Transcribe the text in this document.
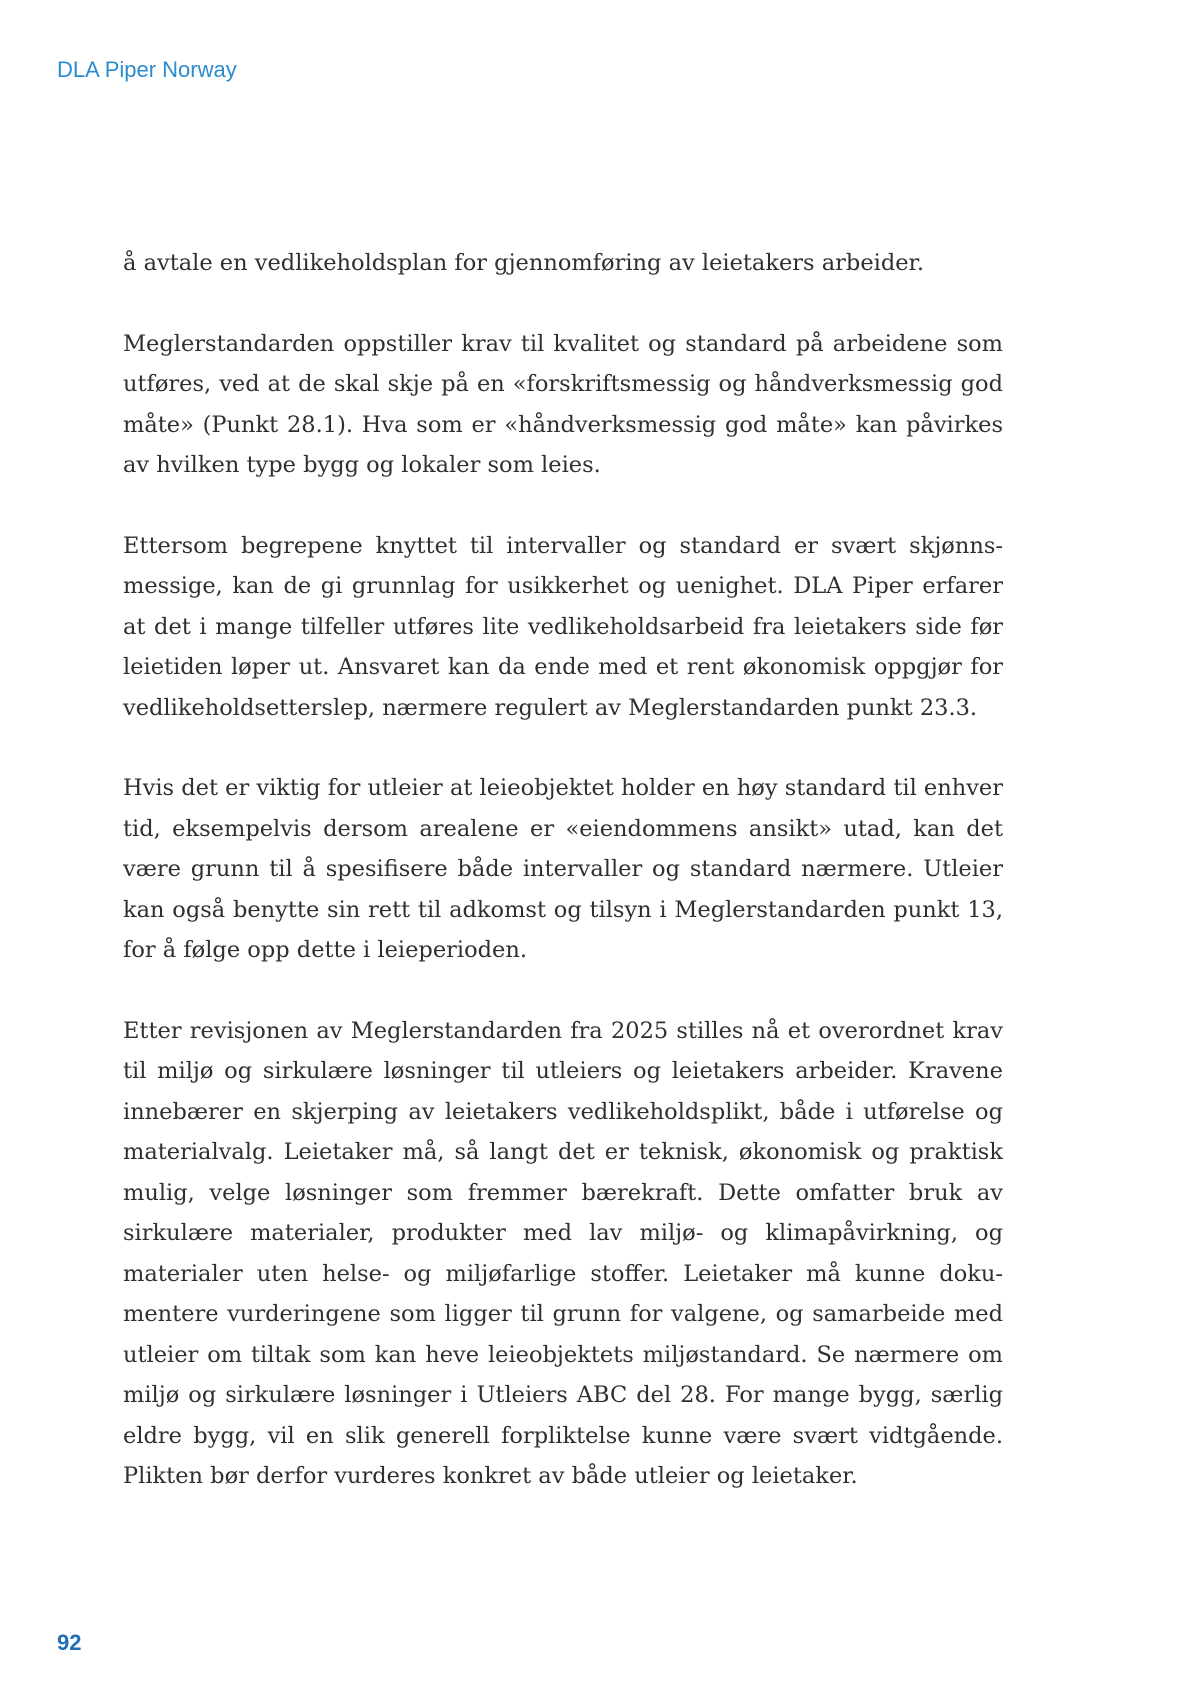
DLA Piper Norway

å avtale en vedlikeholdsplan for gjennomføring av leietakers arbeider.

Meglerstandarden oppstiller krav til kvalitet og standard på arbeidene som utføres, ved at de skal skje på en «forskriftsmessig og håndverksmessig god måte» (Punkt 28.1). Hva som er «håndverksmessig god måte» kan påvirkes av hvilken type bygg og lokaler som leies.

Ettersom begrepene knyttet til intervaller og standard er svært skjønnsmessige, kan de gi grunnlag for usikkerhet og uenighet. DLA Piper erfarer at det i mange tilfeller utføres lite vedlikeholdsarbeid fra leietakers side før leietiden løper ut. Ansvaret kan da ende med et rent økonomisk oppgjør for vedlikeholdsetterslep, nærmere regulert av Meglerstandarden punkt 23.3.

Hvis det er viktig for utleier at leieobjektet holder en høy standard til enhver tid, eksempelvis dersom arealene er «eiendommens ansikt» utad, kan det være grunn til å spesifisere både intervaller og standard nærmere. Utleier kan også benytte sin rett til adkomst og tilsyn i Meglerstandarden punkt 13, for å følge opp dette i leieperioden.

Etter revisjonen av Meglerstandarden fra 2025 stilles nå et overordnet krav til miljø og sirkulære løsninger til utleiers og leietakers arbeider. Kravene innebærer en skjerping av leietakers vedlikeholdsplikt, både i utførelse og materialvalg. Leietaker må, så langt det er teknisk, økonomisk og praktisk mulig, velge løsninger som fremmer bærekraft. Dette omfatter bruk av sirkulære materialer, produkter med lav miljø- og klimapåvirkning, og materialer uten helse- og miljøfarlige stoffer. Leietaker må kunne dokumentere vurderingene som ligger til grunn for valgene, og samarbeide med utleier om tiltak som kan heve leieobjektets miljøstandard. Se nærmere om miljø og sirkulære løsninger i Utleiers ABC del 28. For mange bygg, særlig eldre bygg, vil en slik generell forpliktelse kunne være svært vidtgående. Plikten bør derfor vurderes konkret av både utleier og leietaker.

92
